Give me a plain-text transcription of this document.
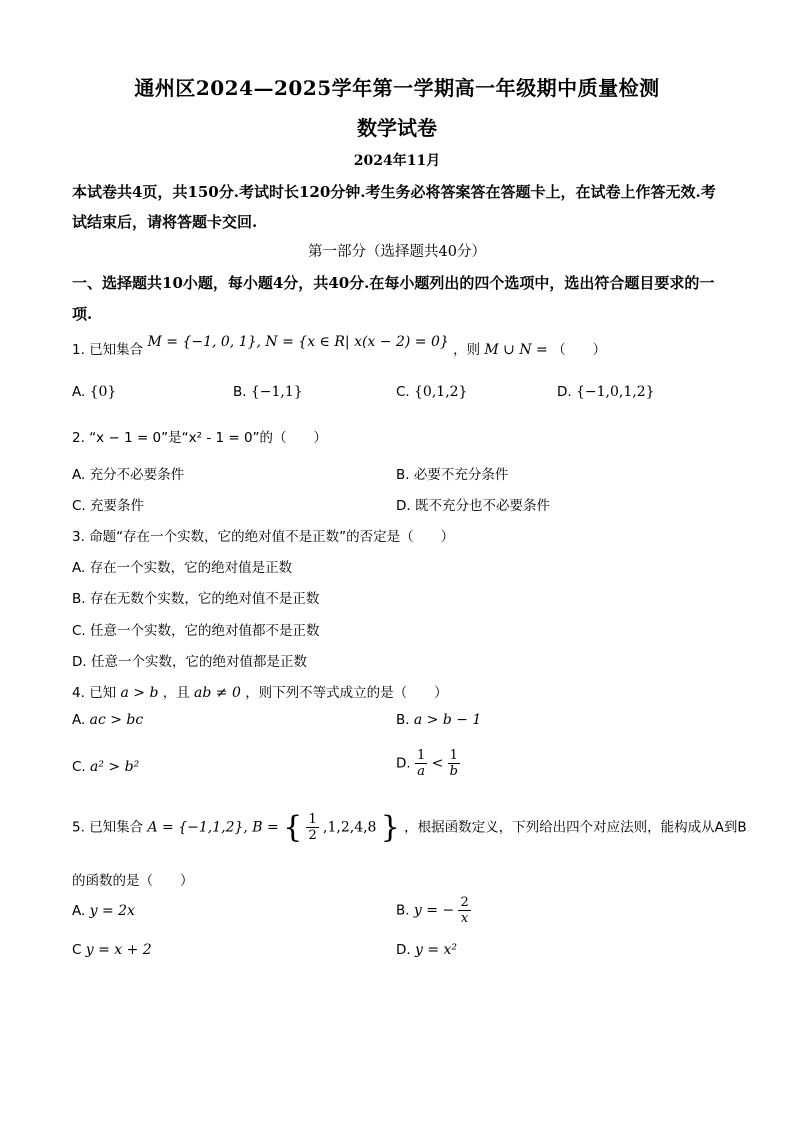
通州区2024—2025学年第一学期高一年级期中质量检测
数学试卷
2024年11月
本试卷共4页，共150分.考试时长120分钟.考生务必将答案答在答题卡上，在试卷上作答无效.考试结束后，请将答题卡交回.
第一部分（选择题共40分）
一、选择题共10小题，每小题4分，共40分.在每小题列出的四个选项中，选出符合题目要求的一项.
1. 已知集合 M = {−1, 0, 1}, N = {x ∈ R| x(x − 2) = 0} ，则 M ∪ N = （　　）
A. {0}	B. {−1,1}	C. {0,1,2}	D. {−1,0,1,2}
2. “x − 1 = 0”是“x² - 1 = 0”的（　　）
A. 充分不必要条件	B. 必要不充分条件
C. 充要条件	D. 既不充分也不必要条件
3. 命题“存在一个实数，它的绝对值不是正数”的否定是（　　）
A. 存在一个实数，它的绝对值是正数
B. 存在无数个实数，它的绝对值不是正数
C. 任意一个实数，它的绝对值都不是正数
D. 任意一个实数，它的绝对值都是正数
4. 已知 a > b ，且 ab ≠ 0 ，则下列不等式成立的是（　　）
A. ac > bc	B. a > b − 1
C. a² > b²	D. $\frac{1}{a} < \frac{1}{b}$
5. 已知集合 A = {−1,1,2}, B = { $\frac{1}{2} ,1,2,4,8$ } ，根据函数定义，下列给出四个对应法则，能构成从A到B
的函数的是（　　）
A. y = 2x	B. y = − $\frac{2}{x}$
C y = x + 2	D. y = x²
